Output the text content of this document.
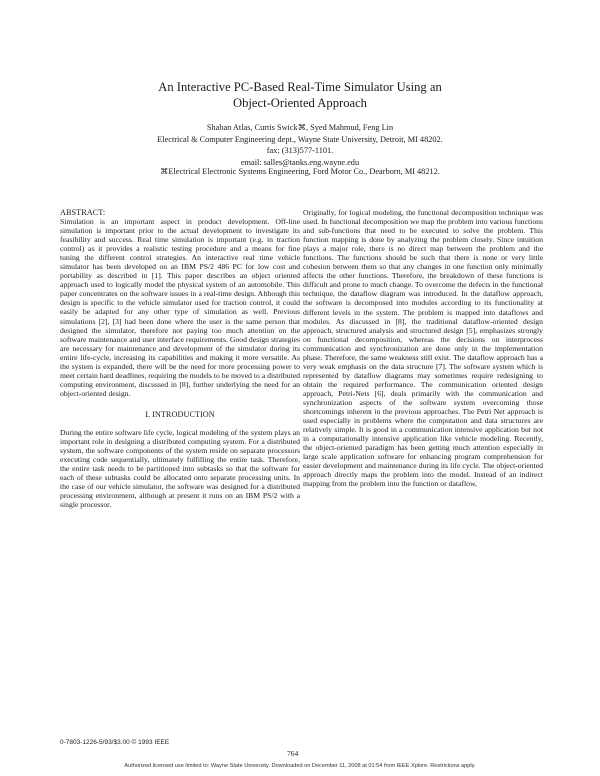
An Interactive PC-Based Real-Time Simulator Using an
Object-Oriented Approach
Shaban Atlas, Curtis Swick⌘, Syed Mahmud, Feng Lin
Electrical & Computer Engineering dept., Wayne State University, Detroit, MI 48202.
fax: (313)577-1101.
email: salles@tanks.eng.wayne.edu
⌘Electrical Electronic Systems Engineering, Ford Motor Co., Dearborn, MI 48212.
ABSTRACT:

Simulation is an important aspect in product development. Off-line simulation is important prior to the actual development to investigate its feasibility and success. Real time simulation is important (e.g. in traction control) as it provides a realistic testing procedure and a means for fine tuning the different control strategies. An interactive real time vehicle simulator has been developed on an IBM PS/2 486 PC for low cost and portability as described in [1]. This paper describes an object oriented approach used to logically model the physical system of an automobile. This paper concentrates on the software issues in a real-time design. Although this design is specific to the vehicle simulator used for traction control, it could easily be adapted for any other type of simulation as well. Previous simulations [2], [3] had been done where the user is the same person that designed the simulator, therefore not paying too much attention on the software maintenance and user interface requirements. Good design strategies are necessary for maintenance and development of the simulator during its entire life-cycle, increasing its capabilities and making it more versatile. As the system is expanded, there will be the need for more processing power to meet certain hard deadlines, requiring the models to be moved to a distributed computing environment, discussed in [8], further underlying the need for an object-oriented design.

I. INTRODUCTION

During the entire software life cycle, logical modeling of the system plays an important role in designing a distributed computing system. For a distributed system, the software components of the system reside on separate processors executing code sequentially, ultimately fulfilling the entire task. Therefore, the entire task needs to be partitioned into subtasks so that the software for each of these subtasks could be allocated onto separate processing units. In the case of our vehicle simulator, the software was designed for a distributed processing environment, although at present it runs on an IBM PS/2 with a single processor.

Originally, for logical modeling, the functional decomposition technique was used. In functional decomposition we map the problem into various functions and sub-functions that need to be executed to solve the problem. This function mapping is done by analyzing the problem closely. Since intuition plays a major role, there is no direct map between the problem and the functions. The functions should be such that there is none or very little cohesion between them so that any changes in one function only minimally affects the other functions. Therefore, the breakdown of these functions is difficult and prone to much change. To overcome the defects in the functional technique, the dataflow diagram was introduced. In the dataflow approach, the software is decomposed into modules according to its functionality at different levels in the system. The problem is mapped into dataflows and modules. As discussed in [8], the traditional dataflow-oriented design approach, structured analysis and structured design [5], emphasizes strongly on functional decomposition, whereas the decisions on interprocess communication and synchronization are done only in the implementation phase. Therefore, the same weakness still exist. The dataflow approach has a very weak emphasis on the data structure [7]. The software system which is represented by dataflow diagrams may sometimes require redesigning to obtain the required performance. The communication oriented design approach, Petri-Nets [6], deals primarily with the communication and synchronization aspects of the software system overcoming those shortcomings inherent in the previous approaches. The Petri Net approach is used especially in problems where the computation and data structures are relatively simple. It is good in a communication intensive application but not in a computationally intensive application like vehicle modeling. Recently, the object-oriented paradigm has been getting much attention especially in large scale application software for enhancing program comprehension for easier development and maintenance during its life cycle. The object-oriented approach directly maps the problem into the model. Instead of an indirect mapping from the problem into the function or dataflow,

0-7803-1226-5/93/$3.00 © 1993 IEEE
764
Authorized licensed use limited to: Wayne State University. Downloaded on December 11, 2008 at 01:54 from IEEE Xplore. Restrictions apply.
